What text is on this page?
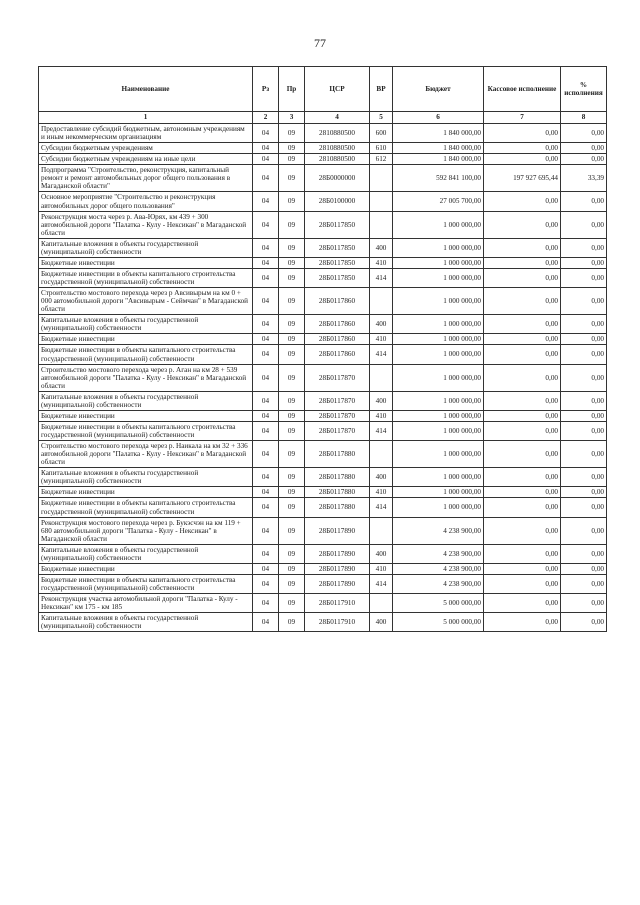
77
Наименование	Рз	Пр	ЦСР	ВР	Бюджет	Кассовое исполнение	% исполнения
1	2	3	4	5	6	7	8
Предоставление субсидий бюджетным, автономным учреждениям и иным некоммерческим организациям	04	09	2810880500	600	1 840 000,00	0,00	0,00
Субсидии бюджетным учреждениям	04	09	2810880500	610	1 840 000,00	0,00	0,00
Субсидии бюджетным учреждениям на иные цели	04	09	2810880500	612	1 840 000,00	0,00	0,00
Подпрограмма "Строительство, реконструкция, капитальный ремонт и ремонт автомобильных дорог общего пользования в Магаданской области"	04	09	28Б0000000		592 841 100,00	197 927 695,44	33,39
Основное мероприятие "Строительство и реконструкция автомобильных дорог общего пользования"	04	09	28Б0100000		27 005 700,00	0,00	0,00
Реконструкция моста через р. Ава-Юрях, км 439 + 300 автомобильной дороги "Палатка - Кулу - Нексикан" в Магаданской области	04	09	28Б0117850		1 000 000,00	0,00	0,00
Капитальные вложения в объекты государственной (муниципальной) собственности	04	09	28Б0117850	400	1 000 000,00	0,00	0,00
Бюджетные инвестиции	04	09	28Б0117850	410	1 000 000,00	0,00	0,00
Бюджетные инвестиции в объекты капитального строительства государственной (муниципальной) собственности	04	09	28Б0117850	414	1 000 000,00	0,00	0,00
Строительство мостового перехода через р Авсивырым на км 0 + 000 автомобильной дороги "Авсивырым - Сеймчан" в Магаданской области	04	09	28Б0117860		1 000 000,00	0,00	0,00
Капитальные вложения в объекты государственной (муниципальной) собственности	04	09	28Б0117860	400	1 000 000,00	0,00	0,00
Бюджетные инвестиции	04	09	28Б0117860	410	1 000 000,00	0,00	0,00
Бюджетные инвестиции в объекты капитального строительства государственной (муниципальной) собственности	04	09	28Б0117860	414	1 000 000,00	0,00	0,00
Строительство мостового перехода через р. Аган на км 28 + 539 автомобильной дороги "Палатка - Кулу - Нексикан" в Магаданской области	04	09	28Б0117870		1 000 000,00	0,00	0,00
Капитальные вложения в объекты государственной (муниципальной) собственности	04	09	28Б0117870	400	1 000 000,00	0,00	0,00
Бюджетные инвестиции	04	09	28Б0117870	410	1 000 000,00	0,00	0,00
Бюджетные инвестиции в объекты капитального строительства государственной (муниципальной) собственности	04	09	28Б0117870	414	1 000 000,00	0,00	0,00
Строительство мостового перехода через р. Наикала на км 32 + 336 автомобильной дороги "Палатка - Кулу - Нексикан" в Магаданской области	04	09	28Б0117880		1 000 000,00	0,00	0,00
Капитальные вложения в объекты государственной (муниципальной) собственности	04	09	28Б0117880	400	1 000 000,00	0,00	0,00
Бюджетные инвестиции	04	09	28Б0117880	410	1 000 000,00	0,00	0,00
Бюджетные инвестиции в объекты капитального строительства государственной (муниципальной) собственности	04	09	28Б0117880	414	1 000 000,00	0,00	0,00
Реконструкция мостового перехода через р. Букэсчэн на км 119 + 680 автомобильной дороги "Палатка - Кулу - Нексикан" в Магаданской области	04	09	28Б0117890		4 238 900,00	0,00	0,00
Капитальные вложения в объекты государственной (муниципальной) собственности	04	09	28Б0117890	400	4 238 900,00	0,00	0,00
Бюджетные инвестиции	04	09	28Б0117890	410	4 238 900,00	0,00	0,00
Бюджетные инвестиции в объекты капитального строительства государственной (муниципальной) собственности	04	09	28Б0117890	414	4 238 900,00	0,00	0,00
Реконструкция участка автомобильной дороги "Палатка - Кулу - Нексикан" км 175 - км 185	04	09	28Б0117910		5 000 000,00	0,00	0,00
Капитальные вложения в объекты государственной (муниципальной) собственности	04	09	28Б0117910	400	5 000 000,00	0,00	0,00
